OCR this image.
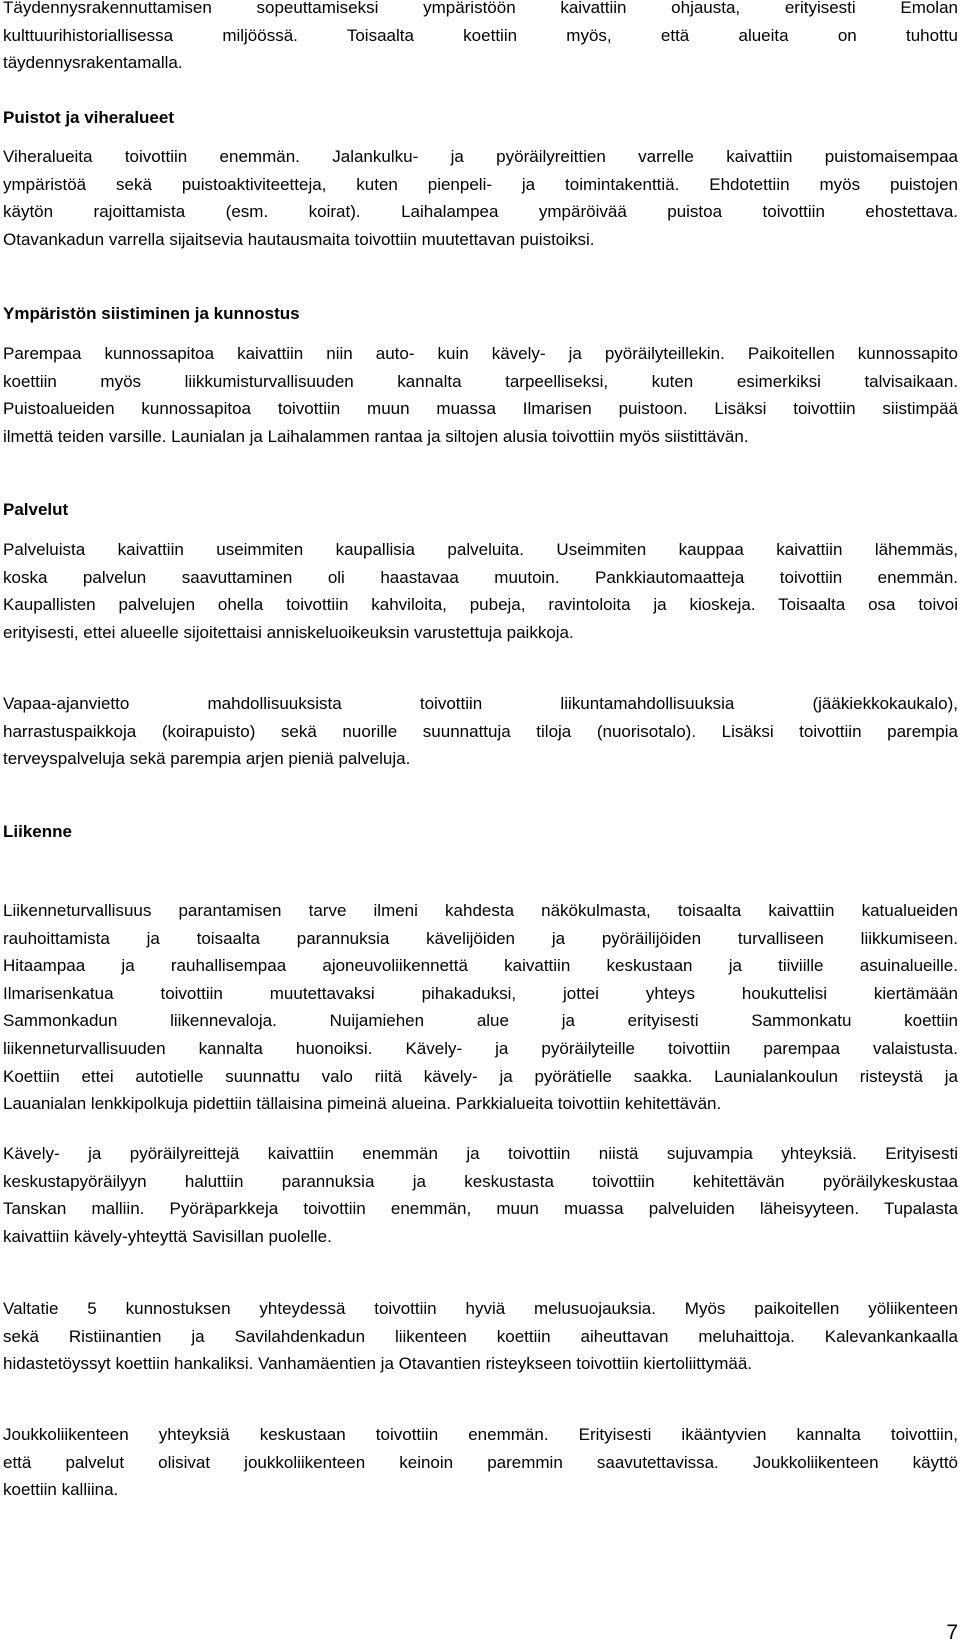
Täydennysrakennuttamisen sopeuttamiseksi ympäristöön kaivattiin ohjausta, erityisesti Emolan
kulttuurihistoriallisessa miljöössä. Toisaalta koettiin myös, että alueita on tuhottu
täydennysrakentamalla.
Puistot ja viheralueet
Viheralueita toivottiin enemmän. Jalankulku- ja pyöräilyreittien varrelle kaivattiin puistomaisempaa
ympäristöä sekä puistoaktiviteetteja, kuten pienpeli- ja toimintakenttiä. Ehdotettiin myös puistojen
käytön rajoittamista (esm. koirat). Laihalampea ympäröivää puistoa toivottiin ehostettava.
Otavankadun varrella sijaitsevia hautausmaita toivottiin muutettavan puistoiksi.
Ympäristön siistiminen ja kunnostus
Parempaa kunnossapitoa kaivattiin niin auto- kuin kävely- ja pyöräilyteillekin. Paikoitellen kunnossapito
koettiin myös liikkumisturvallisuuden kannalta tarpeelliseksi, kuten esimerkiksi talvisaikaan.
Puistoalueiden kunnossapitoa toivottiin muun muassa Ilmarisen puistoon. Lisäksi toivottiin siistimpää
ilmettä teiden varsille. Launialan ja Laihalammen rantaa ja siltojen alusia toivottiin myös siistittävän.
Palvelut
Palveluista kaivattiin useimmiten kaupallisia palveluita. Useimmiten kauppaa kaivattiin lähemmäs,
koska palvelun saavuttaminen oli haastavaa muutoin. Pankkiautomaatteja toivottiin enemmän.
Kaupallisten palvelujen ohella toivottiin kahviloita, pubeja, ravintoloita ja kioskeja. Toisaalta osa toivoi
erityisesti, ettei alueelle sijoitettaisi anniskeluoikeuksin varustettuja paikkoja.
Vapaa-ajanvietto mahdollisuuksista toivottiin liikuntamahdollisuuksia (jääkiekkokaukalo),
harrastuspaikkoja (koirapuisto) sekä nuorille suunnattuja tiloja (nuorisotalo). Lisäksi toivottiin parempia
terveyspalveluja sekä parempia arjen pieniä palveluja.
Liikenne
Liikenneturvallisuus parantamisen tarve ilmeni kahdesta näkökulmasta, toisaalta kaivattiin katualueiden
rauhoittamista ja toisaalta parannuksia kävelijöiden ja pyöräilijöiden turvalliseen liikkumiseen.
Hitaampaa ja rauhallisempaa ajoneuvoliikennettä kaivattiin keskustaan ja tiiviille asuinalueille.
Ilmarisenkatua toivottiin muutettavaksi pihakaduksi, jottei yhteys houkuttelisi kiertämään
Sammonkadun liikennevaloja. Nuijamiehen alue ja erityisesti Sammonkatu koettiin
liikenneturvallisuuden kannalta huonoiksi. Kävely- ja pyöräilyteille toivottiin parempaa valaistusta.
Koettiin ettei autotielle suunnattu valo riitä kävely- ja pyörätielle saakka. Launialankoulun risteystä ja
Lauanialan lenkkipolkuja pidettiin tällaisina pimeinä alueina. Parkkialueita toivottiin kehitettävän.
Kävely- ja pyöräilyreittejä kaivattiin enemmän ja toivottiin niistä sujuvampia yhteyksiä. Erityisesti
keskustapyöräilyyn haluttiin parannuksia ja keskustasta toivottiin kehitettävän pyöräilykeskustaa
Tanskan malliin. Pyöräparkkeja toivottiin enemmän, muun muassa palveluiden läheisyyteen. Tupalasta
kaivattiin kävely-yhteyttä Savisillan puolelle.
Valtatie 5 kunnostuksen yhteydessä toivottiin hyviä melusuojauksia. Myös paikoitellen yöliikenteen
sekä Ristiinantien ja Savilahdenkadun liikenteen koettiin aiheuttavan meluhaittoja. Kalevankankaalla
hidastetöyssyt koettiin hankaliksi. Vanhamäentien ja Otavantien risteykseen toivottiin kiertoliittymää.
Joukkoliikenteen yhteyksiä keskustaan toivottiin enemmän. Erityisesti ikääntyvien kannalta toivottiin,
että palvelut olisivat joukkoliikenteen keinoin paremmin saavutettavissa. Joukkoliikenteen käyttö
koettiin kalliina.
7
